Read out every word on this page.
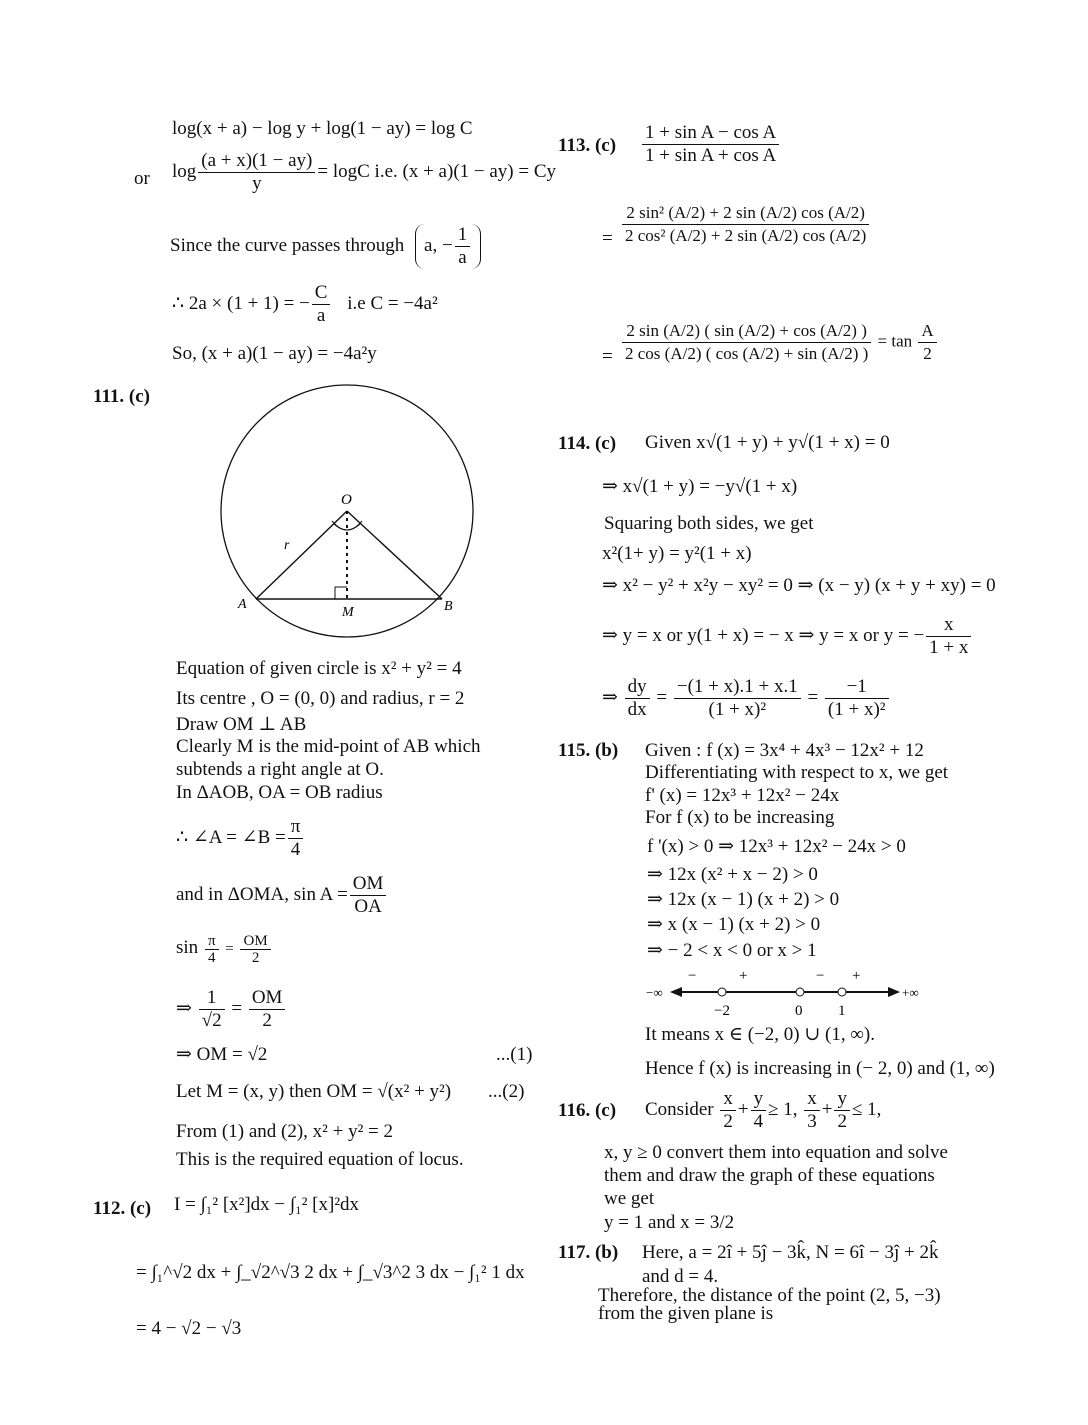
log(x + a) − log y + log(1 − ay) = log C
or $\log \frac{(a + x)(1 - ay)}{y} = \log C$ i.e. (x + a)(1 − ay) = Cy
Since the curve passes through a, − $\frac{1}{a}$
∴ 2a × (1 + 1) = − $\frac{C}{a} i.e$ C = −4a²
So, (x + a)(1 − ay) = −4a²y
111. (c)
O
r
A	B
M
Equation of given circle is x² + y² = 4
Its centre , O = (0, 0) and radius, r = 2
Draw OM ⊥ AB
Clearly M is the mid-point of AB which
subtends a right angle at O.
In ΔAOB, OA = OB radius
∴ ∠A = ∠B = $\frac{\pi}{4}$
and in ΔOMA, $\sin A = \frac{OM}{OA}$
$\sin \frac{\pi}{4} = \frac{OM}{2}$
⇒ $\frac{1}{√2} = \frac{OM}{2}$
⇒ OM = √2	...(1)
Let M = (x, y) then OM = √(x² + y²) ...(2)
From (1) and (2), x² + y² = 2
This is the required equation of locus.
112. (c) I = ∫₁² [x²]dx − ∫₁² [x]²dx
= ∫₁^√2 dx + ∫_√2^√3 2 dx + ∫_√3^2 3 dx − ∫₁² 1 dx
= 4 − √2 − √3
113. $(c) \frac{\text{1 + sin A − cos A}}{\text{1 + sin A + cos A}}$
= $\frac{\text{2 sin² (A/2) + 2 sin (A/2) cos (A/2)}}{\text{2 cos² (A/2) + 2 sin (A/2) cos (A/2)}}$
= $\frac{2 \sin (A/2) ( \sin (A/2) + \cos (A/2) )}{2 \cos (A/2) ( \cos (A/2) + \sin (A/2) )} = \tan \frac{A}{2}$
114. (c) Given x√(1 + y) + y√(1 + x) = 0
⇒ x√(1 + y) = −y√(1 + x)
Squaring both sides, we get
x²(1+ y) = y²(1 + x)
⇒ x² − y² + x²y − xy² = 0 ⇒ (x − y) (x + y + xy) = 0
⇒ y = x or y(1 + x) = − x ⇒ y = x or y = − $\frac{x}{1 + x}$
⇒ $\frac{dy}{dx} = \frac{-(1 + x).1 + x.1}{\text{(1 + x)²}} = \frac{-1}{\text{(1 + x)²}}$
115. (b) Given : f (x) = 3x⁴ + 4x³ − 12x² + 12
Differentiating with respect to x, we get
f' (x) = 12x³ + 12x² − 24x
For f (x) to be increasing
f '(x) > 0 ⇒ 12x³ + 12x² − 24x > 0
⇒ 12x (x² + x − 2) > 0
⇒ 12x (x − 1) (x + 2) > 0
⇒ x (x − 1) (x + 2) > 0
⇒ − 2 < x < 0 or x > 1
−∞	+∞
−2	0 1
−	+	− +
It means x ∈ (−2, 0) ∪ (1, ∞).
Hence f (x) is increasing in (− 2, 0) and (1, ∞)
116. (c) Consider $\frac{x}{2} + \frac{y}{4} \ge 1$, $\frac{x}{3} + \frac{y}{2} \le 1$,
x, y ≥ 0 convert them into equation and solve
them and draw the graph of these equations
we get
y = 1 and x = 3/2
117. (b) Here, a = 2î + 5ĵ − 3k̂, N = 6î − 3ĵ + 2k̂
and d = 4.
Therefore, the distance of the point (2, 5, −3)
from the given plane is
